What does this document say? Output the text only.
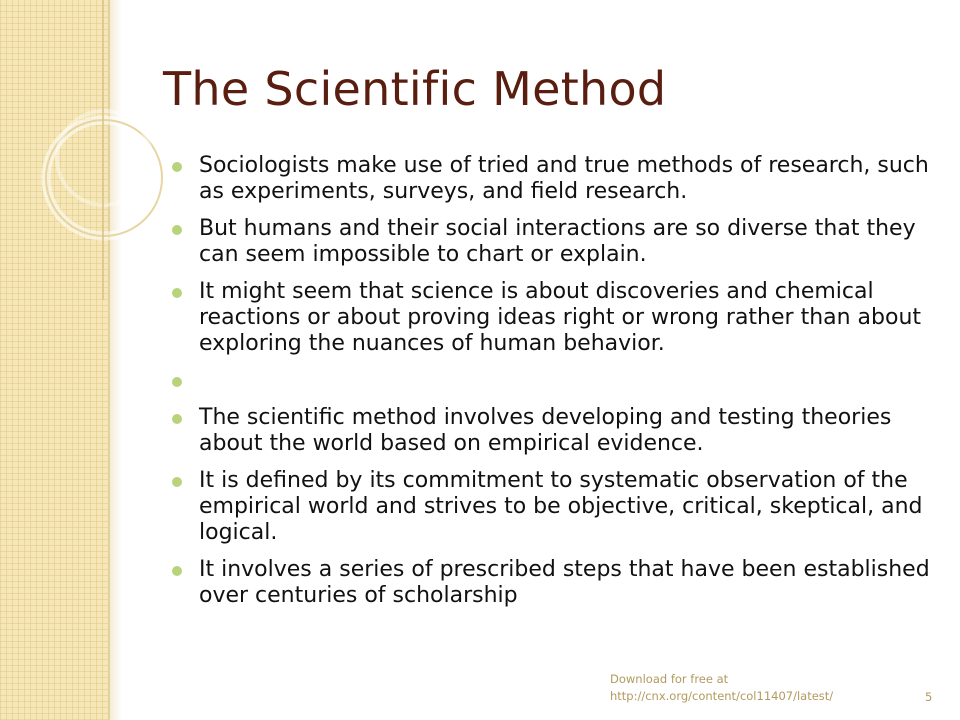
The Scientific Method
Sociologists make use of tried and true methods of research, such as experiments, surveys, and field research.
But humans and their social interactions are so diverse that they can seem impossible to chart or explain.
It might seem that science is about discoveries and chemical reactions or about proving ideas right or wrong rather than about exploring the nuances of human behavior.
The scientific method involves developing and testing theories about the world based on empirical evidence.
It is defined by its commitment to systematic observation of the empirical world and strives to be objective, critical, skeptical, and logical.
It involves a series of prescribed steps that have been established over centuries of scholarship
Download for free at
http://cnx.org/content/col11407/latest/	5
